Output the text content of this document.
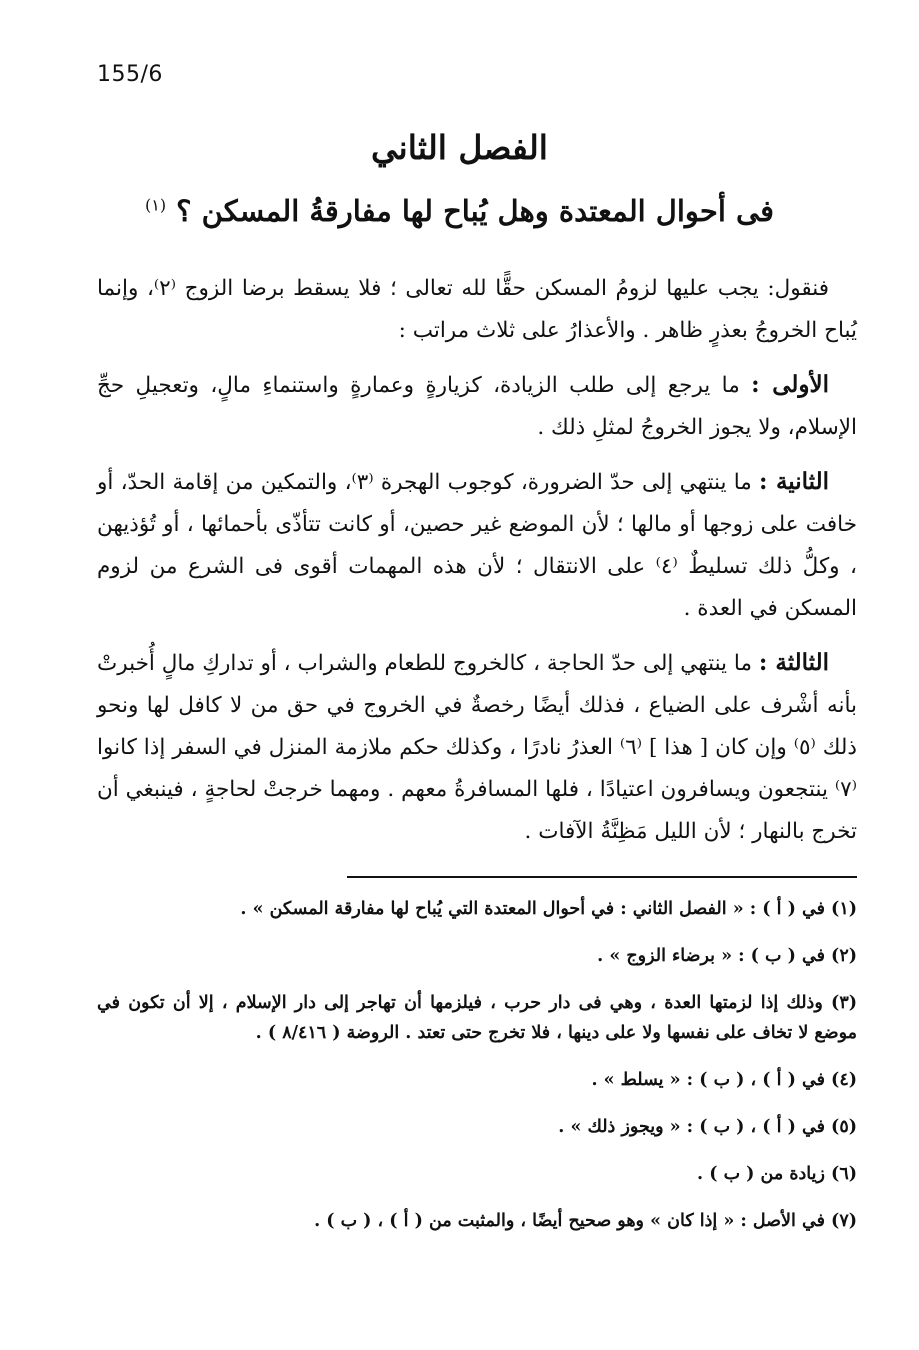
155/6
الفصل الثاني
فى أحوال المعتدة وهل يُباح لها مفارقةُ المسكن ؟ $^{(١)}$

فنقول: يجب عليها لزومُ المسكن حقًّا لله تعالى ؛ فلا يسقط برضا الزوج ⁽٢⁾، وإنما يُباح الخروجُ بعذرٍ ظاهر . والأعذارُ على ثلاث مراتب :

الأولى : ما يرجع إلى طلب الزيادة، كزيارةٍ وعمارةٍ واستنماءِ مالٍ، وتعجيلِ حجِّ الإسلام، ولا يجوز الخروجُ لمثلِ ذلك .

الثانية : ما ينتهي إلى حدّ الضرورة، كوجوب الهجرة ⁽٣⁾، والتمكين من إقامة الحدّ، أو خافت على زوجها أو مالها ؛ لأن الموضع غير حصين، أو كانت تتأذّى بأحمائها ، أو تُؤذيهن ، وكلُّ ذلك تسليطٌ ⁽٤⁾ على الانتقال ؛ لأن هذه المهمات أقوى فى الشرع من لزوم المسكن في العدة .

الثالثة : ما ينتهي إلى حدّ الحاجة ، كالخروج للطعام والشراب ، أو تداركِ مالٍ أُخبرتْ بأنه أشْرف على الضياع ، فذلك أيضًا رخصةٌ في الخروج في حق من لا كافل لها ونحو ذلك ⁽٥⁾ وإن كان [ هذا ] ⁽٦⁾ العذرُ نادرًا ، وكذلك حكم ملازمة المنزل في السفر إذا كانوا ⁽٧⁾ ينتجعون ويسافرون اعتيادًا ، فلها المسافرةُ معهم . ومهما خرجتْ لحاجةٍ ، فينبغي أن تخرج بالنهار ؛ لأن الليل مَظِنَّةُ الآفات .

(١) في ( أ ) : « الفصل الثاني : في أحوال المعتدة التي يُباح لها مفارقة المسكن » .
(٢) في ( ب ) : « برضاء الزوج » .
(٣) وذلك إذا لزمتها العدة ، وهي فى دار حرب ، فيلزمها أن تهاجر إلى دار الإسلام ، إلا أن تكون في موضع لا تخاف على نفسها ولا على دينها ، فلا تخرج حتى تعتد . الروضة ( ٨/٤١٦ ) .
(٤) في ( أ ) ، ( ب ) : « يسلط » .
(٥) في ( أ ) ، ( ب ) : « ويجوز ذلك » .
(٦) زيادة من ( ب ) .
(٧) في الأصل : « إذا كان » وهو صحيح أيضًا ، والمثبت من ( أ ) ، ( ب ) .
